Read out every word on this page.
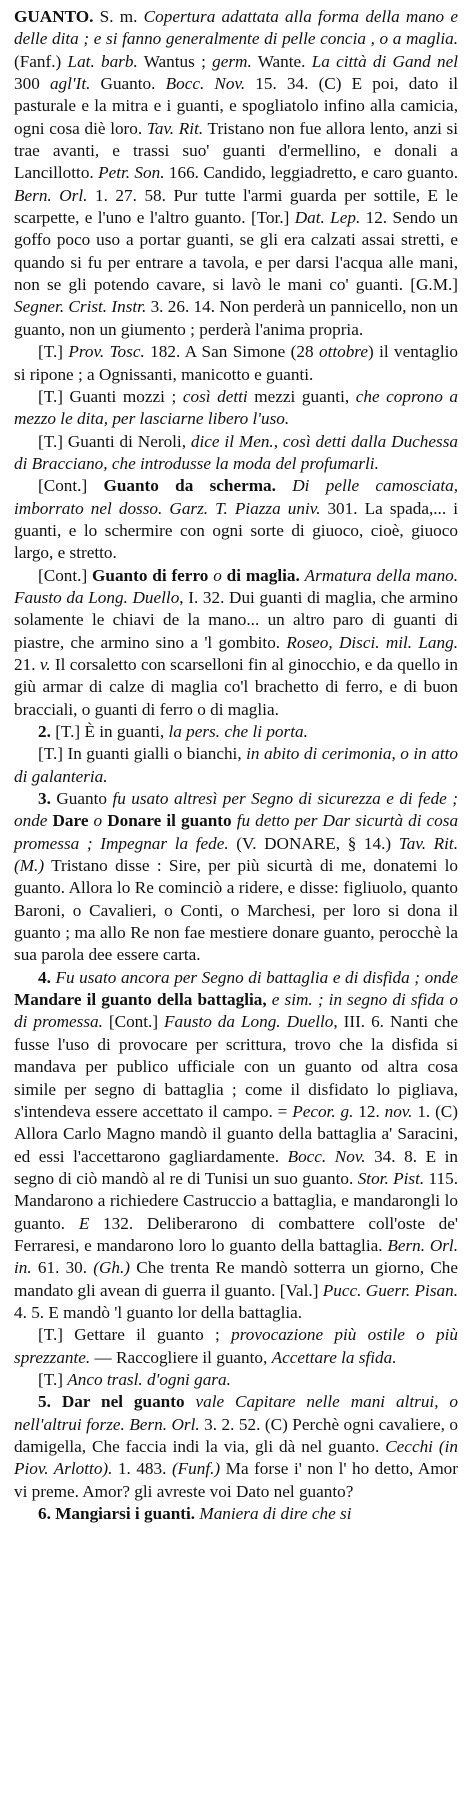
GUANTO. S. m. Copertura adattata alla forma della mano e delle dita ; e si fanno generalmente di pelle concia , o a maglia. (Fanf.) Lat. barb. Wantus ; germ. Wante. La città di Gand nel 300 agl'It. Guanto. Bocc. Nov. 15. 34. (C) E poi, dato il pasturale e la mitra e i guanti, e spogliatolo infino alla camicia, ogni cosa diè loro. Tav. Rit. Tristano non fue allora lento, anzi si trae avanti, e trassi suo' guanti d'ermellino, e donali a Lancillotto. Petr. Son. 166. Candido, leggiadretto, e caro guanto. Bern. Orl. 1. 27. 58. Pur tutte l'armi guarda per sottile, E le scarpette, e l'uno e l'altro guanto. [Tor.] Dat. Lep. 12. Sendo un goffo poco uso a portar guanti, se gli era calzati assai stretti, e quando si fu per entrare a tavola, e per darsi l'acqua alle mani, non se gli potendo cavare, si lavò le mani co' guanti. [G.M.] Segner. Crist. Instr. 3. 26. 14. Non perderà un pannicello, non un guanto, non un giumento ; perderà l'anima propria.

[T.] Prov. Tosc. 182. A San Simone (28 ottobre) il ventaglio si ripone ; a Ognissanti, manicotto e guanti.

[T.] Guanti mozzi ; così detti mezzi guanti, che coprono a mezzo le dita, per lasciarne libero l'uso.

[T.] Guanti di Neroli, dice il Men., così detti dalla Duchessa di Bracciano, che introdusse la moda del profumarli.

[Cont.] Guanto da scherma. Di pelle camosciata, imborrato nel dosso. Garz. T. Piazza univ. 301. La spada,... i guanti, e lo schermire con ogni sorte di giuoco, cioè, giuoco largo, e stretto.

[Cont.] Guanto di ferro o di maglia. Armatura della mano. Fausto da Long. Duello, I. 32. Dui guanti di maglia, che armino solamente le chiavi de la mano... un altro paro di guanti di piastre, che armino sino a 'l gombito. Roseo, Disci. mil. Lang. 21. v. Il corsaletto con scarselloni fin al ginocchio, e da quello in giù armar di calze di maglia co'l brachetto di ferro, e di buon bracciali, o guanti di ferro o di maglia.

2. [T.] È in guanti, la pers. che li porta.

[T.] In guanti gialli o bianchi, in abito di cerimonia, o in atto di galanteria.

3. Guanto fu usato altresì per Segno di sicurezza e di fede ; onde Dare o Donare il guanto fu detto per Dar sicurtà di cosa promessa ; Impegnar la fede. (V. DONARE, § 14.) Tav. Rit. (M.) Tristano disse : Sire, per più sicurtà di me, donatemi lo guanto. Allora lo Re cominciò a ridere, e disse: figliuolo, quanto Baroni, o Cavalieri, o Conti, o Marchesi, per loro si dona il guanto ; ma allo Re non fae mestiere donare guanto, perocchè la sua parola dee essere carta.

4. Fu usato ancora per Segno di battaglia e di disfida ; onde Mandare il guanto della battaglia, e sim. ; in segno di sfida o di promessa. [Cont.] Fausto da Long. Duello, III. 6. Nanti che fusse l'uso di provocare per scrittura, trovo che la disfida si mandava per publico ufficiale con un guanto od altra cosa simile per segno di battaglia ; come il disfidato lo pigliava, s'intendeva essere accettato il campo. = Pecor. g. 12. nov. 1. (C) Allora Carlo Magno mandò il guanto della battaglia a' Saracini, ed essi l'accettarono gagliardamente. Bocc. Nov. 34. 8. E in segno di ciò mandò al re di Tunisi un suo guanto. Stor. Pist. 115. Mandarono a richiedere Castruccio a battaglia, e mandarongli lo guanto. E 132. Deliberarono di combattere coll'oste de' Ferraresi, e mandarono loro lo guanto della battaglia. Bern. Orl. in. 61. 30. (Gh.) Che trenta Re mandò sotterra un giorno, Che mandato gli avean di guerra il guanto. [Val.] Pucc. Guerr. Pisan. 4. 5. E mandò 'l guanto lor della battaglia.

[T.] Gettare il guanto ; provocazione più ostile o più sprezzante. — Raccogliere il guanto, Accettare la sfida.

[T.] Anco trasl. d'ogni gara.

5. Dar nel guanto vale Capitare nelle mani altrui, o nell'altrui forze. Bern. Orl. 3. 2. 52. (C) Perchè ogni cavaliere, o damigella, Che faccia indi la via, gli dà nel guanto. Cecchi (in Piov. Arlotto). 1. 483. (Funf.) Ma forse i' non l' ho detto, Amor vi preme. Amor? gli avreste voi Dato nel guanto?

6. Mangiarsi i guanti. Maniera di dire che si
